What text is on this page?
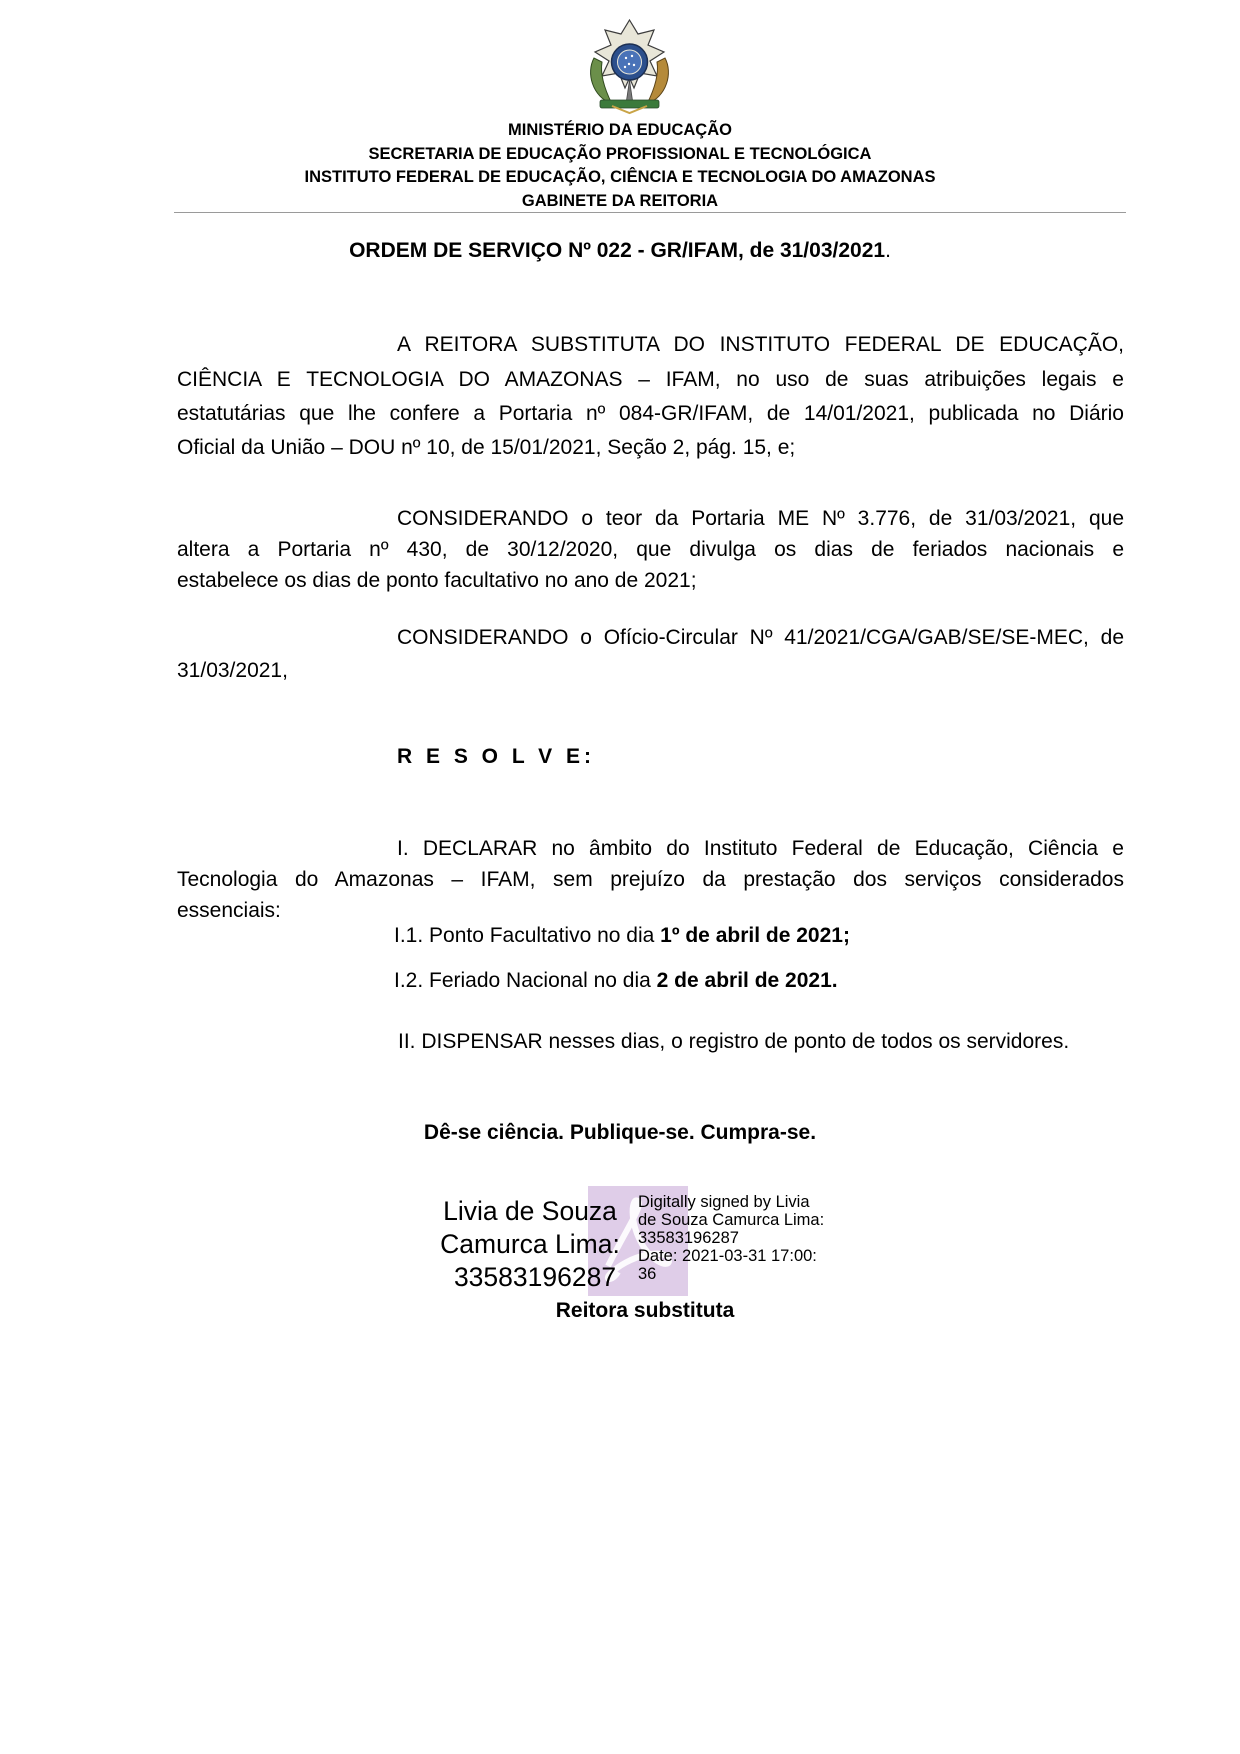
MINISTÉRIO DA EDUCAÇÃO
SECRETARIA DE EDUCAÇÃO PROFISSIONAL E TECNOLÓGICA
INSTITUTO FEDERAL DE EDUCAÇÃO, CIÊNCIA E TECNOLOGIA DO AMAZONAS
GABINETE DA REITORIA
ORDEM DE SERVIÇO Nº 022 - GR/IFAM, de 31/03/2021.
A REITORA SUBSTITUTA DO INSTITUTO FEDERAL DE EDUCAÇÃO,
CIÊNCIA E TECNOLOGIA DO AMAZONAS – IFAM, no uso de suas atribuições legais e
estatutárias que lhe confere a Portaria nº 084-GR/IFAM, de 14/01/2021, publicada no Diário
Oficial da União – DOU nº 10, de 15/01/2021, Seção 2, pág. 15, e;
CONSIDERANDO o teor da Portaria ME Nº 3.776, de 31/03/2021, que
altera a Portaria nº 430, de 30/12/2020, que divulga os dias de feriados nacionais e
estabelece os dias de ponto facultativo no ano de 2021;
CONSIDERANDO o Ofício-Circular Nº 41/2021/CGA/GAB/SE/SE-MEC, de
31/03/2021,
R E S O L V E:
I. DECLARAR no âmbito do Instituto Federal de Educação, Ciência e
Tecnologia do Amazonas – IFAM, sem prejuízo da prestação dos serviços considerados
essenciais:
I.1. Ponto Facultativo no dia 1º de abril de 2021;
I.2. Feriado Nacional no dia 2 de abril de 2021.
II. DISPENSAR nesses dias, o registro de ponto de todos os servidores.
Dê-se ciência. Publique-se. Cumpra-se.
Livia de Souza
Camurca Lima:
33583196287
Digitally signed by Livia
de Souza Camurca Lima:
33583196287
Date: 2021-03-31 17:00:
36
Reitora substituta
